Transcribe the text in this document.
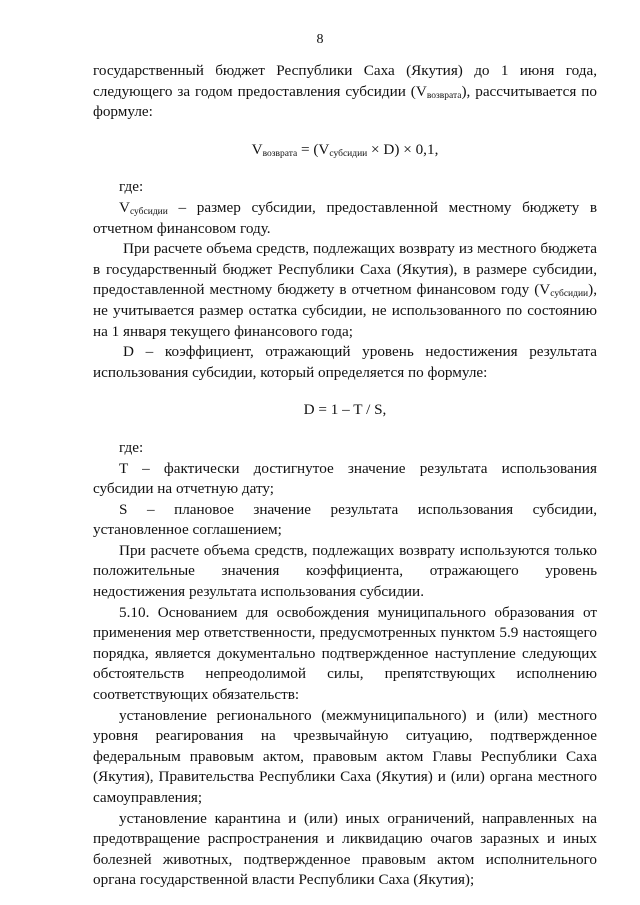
8

государственный бюджет Республики Саха (Якутия) до 1 июня года, следующего за годом предоставления субсидии $(V_{возврата})$, рассчитывается по формуле:

$V_{возврата} = (V_{субсидии} \times D) \times 0,1$,

где:

$V_{субсидии}$ – размер субсидии, предоставленной местному бюджету в отчетном финансовом году.

При расчете объема средств, подлежащих возврату из местного бюджета в государственный бюджет Республики Саха (Якутия), в размере субсидии, предоставленной местному бюджету в отчетном финансовом году $(V_{субсидии})$, не учитывается размер остатка субсидии, не использованного по состоянию на 1 января текущего финансового года;

D – коэффициент, отражающий уровень недостижения результата использования субсидии, который определяется по формуле:

D = 1 – T / S,

где:

T – фактически достигнутое значение результата использования субсидии на отчетную дату;

S – плановое значение результата использования субсидии, установленное соглашением;

При расчете объема средств, подлежащих возврату используются только положительные значения коэффициента, отражающего уровень недостижения результата использования субсидии.

5.10. Основанием для освобождения муниципального образования от применения мер ответственности, предусмотренных пунктом 5.9 настоящего порядка, является документально подтвержденное наступление следующих обстоятельств непреодолимой силы, препятствующих исполнению соответствующих обязательств:

установление регионального (межмуниципального) и (или) местного уровня реагирования на чрезвычайную ситуацию, подтвержденное федеральным правовым актом, правовым актом Главы Республики Саха (Якутия), Правительства Республики Саха (Якутия) и (или) органа местного самоуправления;

установление карантина и (или) иных ограничений, направленных на предотвращение распространения и ликвидацию очагов заразных и иных болезней животных, подтвержденное правовым актом исполнительного органа государственной власти Республики Саха (Якутия);
